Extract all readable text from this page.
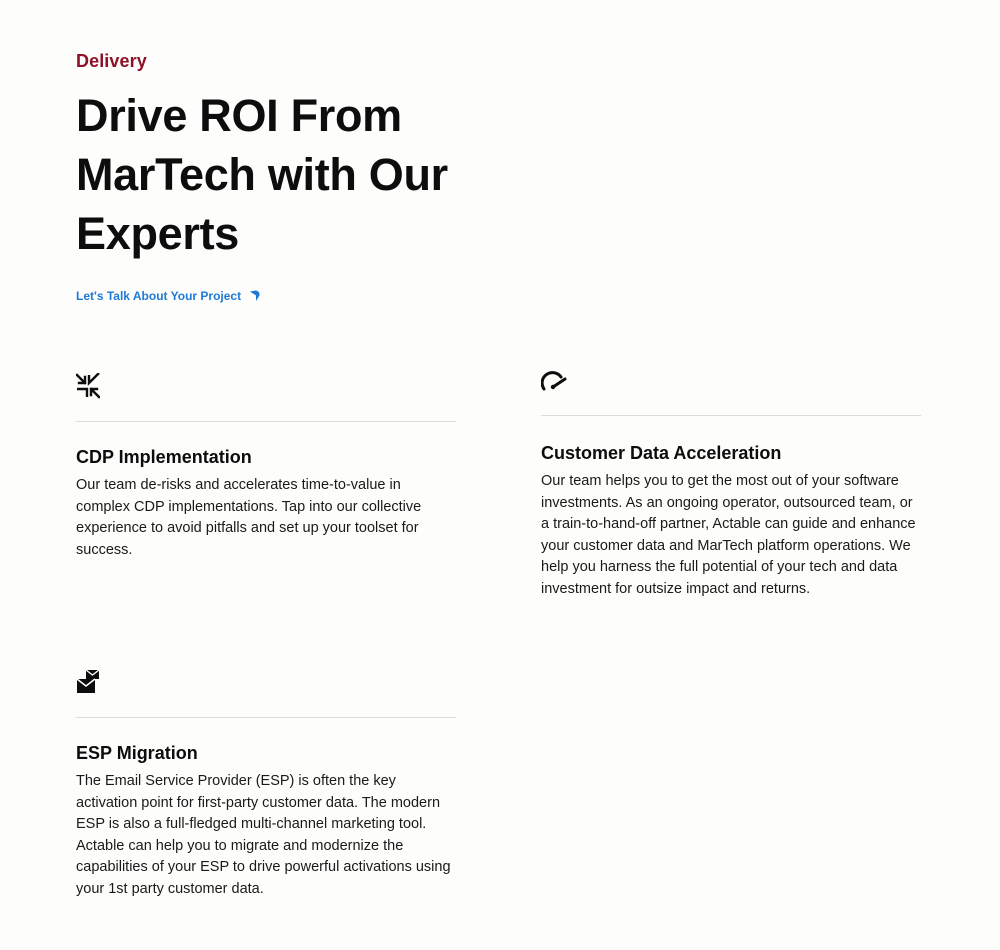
Delivery
Drive ROI From MarTech with Our Experts
Let's Talk About Your Project
CDP Implementation

Our team de-risks and accelerates time-to-value in complex CDP implementations. Tap into our collective experience to avoid pitfalls and set up your toolset for success.

Customer Data Acceleration

Our team helps you to get the most out of your software investments. As an ongoing operator, outsourced team, or a train-to-hand-off partner, Actable can guide and enhance your customer data and MarTech platform operations. We help you harness the full potential of your tech and data investment for outsize impact and returns.

ESP Migration

The Email Service Provider (ESP) is often the key activation point for first-party customer data. The modern ESP is also a full-fledged multi-channel marketing tool. Actable can help you to migrate and modernize the capabilities of your ESP to drive powerful activations using your 1st party customer data.
